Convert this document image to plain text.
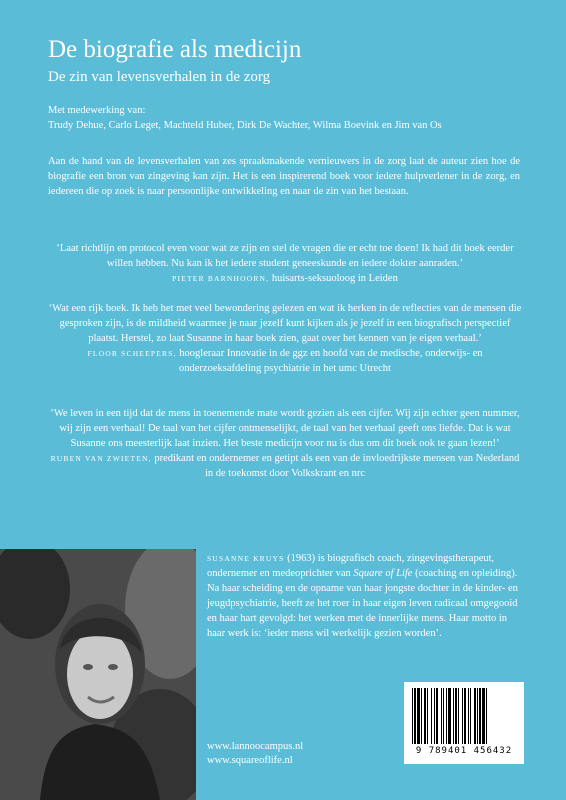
De biografie als medicijn
De zin van levensverhalen in de zorg
Met medewerking van:
Trudy Dehue, Carlo Leget, Machteld Huber, Dirk De Wachter, Wilma Boevink en Jim van Os
Aan de hand van de levensverhalen van zes spraakmakende vernieuwers in de zorg laat de auteur zien hoe de biografie een bron van zingeving kan zijn. Het is een inspirerend boek voor iedere hulpverlener in de zorg, en iedereen die op zoek is naar persoonlijke ontwikkeling en naar de zin van het bestaan.
‘Laat richtlijn en protocol even voor wat ze zijn en stel de vragen die er echt toe doen! Ik had dit boek eerder willen hebben. Nu kan ik het iedere student geneeskunde en iedere dokter aanraden.’
PIETER BARNHOORN, huisarts-seksuoloog in Leiden
‘Wat een rijk boek. Ik heb het met veel bewondering gelezen en wat ik herken in de reflecties van de mensen die gesproken zijn, is de mildheid waarmee je naar jezelf kunt kijken als je jezelf in een biografisch perspectief plaatst. Herstel, zo laat Susanne in haar boek zien, gaat over het kennen van je eigen verhaal.’
FLOOR SCHEEPERS, hoogleraar Innovatie in de ggz en hoofd van de medische, onderwijs- en onderzoeksafdeling psychiatrie in het umc Utrecht
‘We leven in een tijd dat de mens in toenemende mate wordt gezien als een cijfer. Wij zijn echter geen nummer, wij zijn een verhaal! De taal van het cijfer ontmenselijkt, de taal van het verhaal geeft ons liefde. Dat is wat Susanne ons meesterlijk laat inzien. Het beste medicijn voor nu is dus om dit boek ook te gaan lezen!’
RUBEN VAN ZWIETEN, predikant en ondernemer en getipt als een van de invloedrijkste mensen van Nederland in de toekomst door Volkskrant en nrc
SUSANNE KRUYS (1963) is biografisch coach, zingevingstherapeut, ondernemer en medeoprichter van Square of Life (coaching en opleiding). Na haar scheiding en de opname van haar jongste dochter in de kinder- en jeugdpsychiatrie, heeft ze het roer in haar eigen leven radicaal omgegooid en haar hart gevolgd: het werken met de innerlijke mens. Haar motto in haar werk is: ‘ieder mens wil werkelijk gezien worden’.
9 789401 456432
www.lannoocampus.nl
www.squareoflife.nl
